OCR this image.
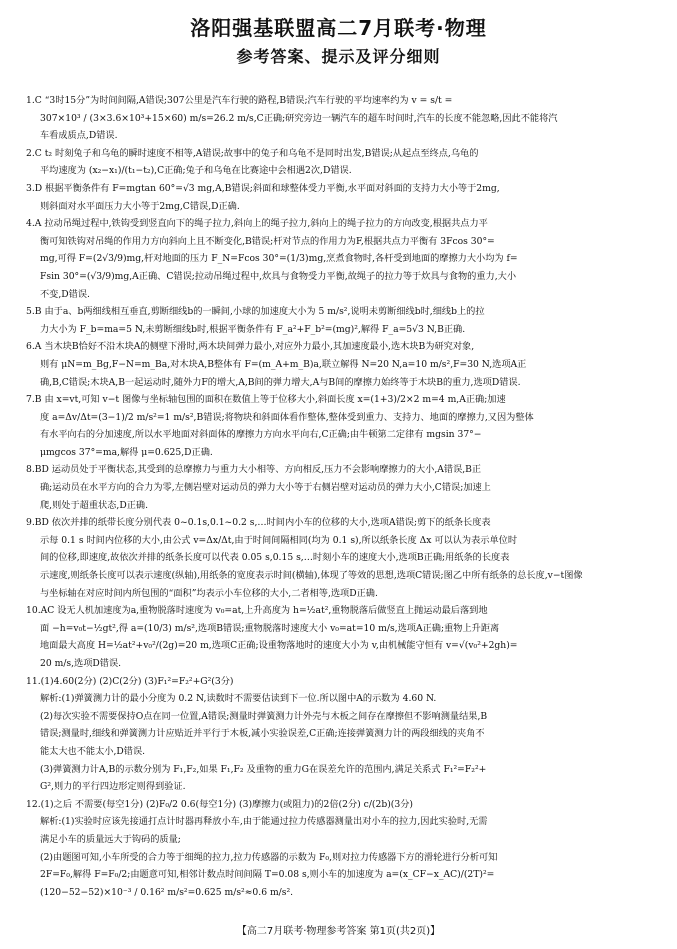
洛阳强基联盟高二7月联考·物理
参考答案、提示及评分细则
1.C “3时15分”为时间间隔,A错误;307公里是汽车行驶的路程,B错误;汽车行驶的平均速率约为 v = s/t =
307×10³ / (3×3.6×10³+15×60) m/s=26.2 m/s,C正确;研究旁边一辆汽车的超车时间时,汽车的长度不能忽略,因此不能将汽
车看成质点,D错误.
2.C t₂ 时刻兔子和乌龟的瞬时速度不相等,A错误;故事中的兔子和乌龟不是同时出发,B错误;从起点至终点,乌龟的
平均速度为 (x₂−x₁)/(t₁−t₂),C正确;兔子和乌龟在比赛途中会相遇2次,D错误.
3.D 根据平衡条件有 F=mgtan 60°=√3 mg,A,B错误;斜面和球整体受力平衡,水平面对斜面的支持力大小等于2mg,
则斜面对水平面压力大小等于2mg,C错误,D正确.
4.A 拉动吊绳过程中,铁钩受到竖直向下的绳子拉力,斜向上的绳子拉力,斜向上的绳子拉力的方向改变,根据共点力平
衡可知铁钩对吊绳的作用力方向斜向上且不断变化,B错误;杆对节点的作用力为F,根据共点力平衡有 3Fcos 30°=
mg,可得 F=(2√3/9)mg,杆对地面的压力 F_N=Fcos 30°=(1/3)mg,烹煮食物时,各杆受到地面的摩擦力大小均为 f=
Fsin 30°=(√3/9)mg,A正确、C错误;拉动吊绳过程中,炊具与食物受力平衡,故绳子的拉力等于炊具与食物的重力,大小
不变,D错误.
5.B 由于a、b两细线相互垂直,剪断细线b的一瞬间,小球的加速度大小为 5 m/s²,说明未剪断细线b时,细线b上的拉
力大小为 F_b=ma=5 N,未剪断细线b时,根据平衡条件有 F_a²+F_b²=(mg)²,解得 F_a=5√3 N,B正确.
6.A 当木块B恰好不沿木块A的侧壁下滑时,两木块间弹力最小,对应外力最小,其加速度最小,选木块B为研究对象,
则有 μN=m_Bg,F−N=m_Ba,对木块A,B整体有 F=(m_A+m_B)a,联立解得 N=20 N,a=10 m/s²,F=30 N,选项A正
确,B,C错误;木块A,B一起运动时,随外力F的增大,A,B间的弹力增大,A与B间的摩擦力始终等于木块B的重力,选项D错误.
7.B 由 x=vt,可知 v−t 图像与坐标轴包围的面积在数值上等于位移大小,斜面长度 x=(1+3)/2×2 m=4 m,A正确;加速
度 a=Δv/Δt=(3−1)/2 m/s²=1 m/s²,B错误;将物块和斜面体看作整体,整体受到重力、支持力、地面的摩擦力,又因为整体
有水平向右的分加速度,所以水平地面对斜面体的摩擦力方向水平向右,C正确;由牛顿第二定律有 mgsin 37°−
μmgcos 37°=ma,解得 μ=0.625,D正确.
8.BD 运动员处于平衡状态,其受到的总摩擦力与重力大小相等、方向相反,压力不会影响摩擦力的大小,A错误,B正
确;运动员在水平方向的合力为零,左侧岩壁对运动员的弹力大小等于右侧岩壁对运动员的弹力大小,C错误;加速上
爬,则处于超重状态,D正确.
9.BD 依次并排的纸带长度分别代表 0~0.1s,0.1~0.2 s,…时间内小车的位移的大小,选项A错误;剪下的纸条长度表
示每 0.1 s 时间内位移的大小,由公式 v=Δx/Δt,由于时间间隔相同(均为 0.1 s),所以纸条长度 Δx 可以认为表示单位时
间的位移,即速度,故依次并排的纸条长度可以代表 0.05 s,0.15 s,…时刻小车的速度大小,选项B正确;用纸条的长度表
示速度,则纸条长度可以表示速度(纵轴),用纸条的宽度表示时间(横轴),体现了等效的思想,选项C错误;图乙中所有纸条的总长度,v−t图像
与坐标轴在对应时间内所包围的“面积”均表示小车位移的大小,二者相等,选项D正确.
10.AC 设无人机加速度为a,重物脱落时速度为 v₀=at,上升高度为 h=½at²,重物脱落后做竖直上抛运动最后落到地
面 −h=v₀t−½gt²,得 a=(10/3) m/s²,选项B错误;重物脱落时速度大小 v₀=at=10 m/s,选项A正确;重物上升距离
地面最大高度 H=½at²+v₀²/(2g)=20 m,选项C正确;设重物落地时的速度大小为 v,由机械能守恒有 v=√(v₀²+2gh)=
20 m/s,选项D错误.
11.(1)4.60(2分) (2)C(2分) (3)F₁²=F₂²+G²(3分)
解析:(1)弹簧测力计的最小分度为 0.2 N,读数时不需要估读到下一位.所以图中A的示数为 4.60 N.
(2)每次实验不需要保持O点在同一位置,A错误;测量时弹簧测力计外壳与木板之间存在摩擦但不影响测量结果,B
错误;测量时,细线和弹簧测力计应贴近并平行于木板,减小实验误差,C正确;连接弹簧测力计的两段细线的夹角不
能太大也不能太小,D错误.
(3)弹簧测力计A,B的示数分别为 F₁,F₂,如果 F₁,F₂ 及重物的重力G在误差允许的范围内,满足关系式 F₁²=F₂²+
G²,则力的平行四边形定则得到验证.
12.(1)之后 不需要(每空1分) (2)F₀/2 0.6(每空1分) (3)摩擦力(或阻力)的2倍(2分) c/(2b)(3分)
解析:(1)实验时应该先接通打点计时器再释放小车,由于能通过拉力传感器测量出对小车的拉力,因此实验时,无需
满足小车的质量远大于钩码的质量;
(2)由题图可知,小车所受的合力等于细绳的拉力,拉力传感器的示数为 F₀,则对拉力传感器下方的滑轮进行分析可知
2F=F₀,解得 F=F₀/2;由题意可知,相邻计数点时间间隔 T=0.08 s,则小车的加速度为 a=(x_CF−x_AC)/(2T)²=
(120−52−52)×10⁻³ / 0.16² m/s²=0.625 m/s²≈0.6 m/s².
【高二7月联考·物理参考答案 第1页(共2页)】
